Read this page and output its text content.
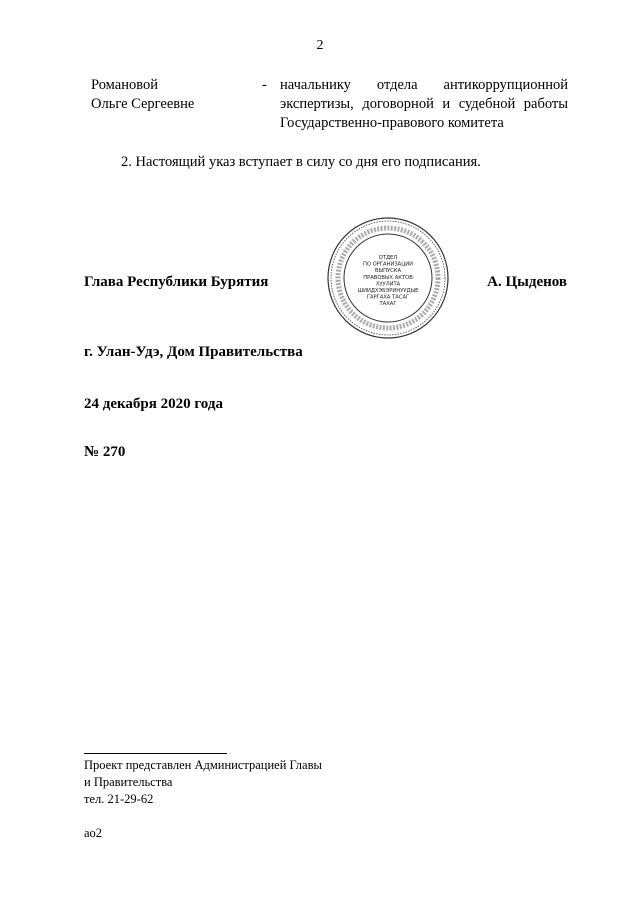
2
Романовой
Ольге Сергеевне
- начальнику отдела антикоррупционной
экспертизы, договорной и судебной работы
Государственно-правового комитета
2. Настоящий указ вступает в силу со дня его подписания.
Глава Республики Бурятия
ОТДЕЛ
ПО ОРГАНИЗАЦИИ
ВЫПУСКА
ПРАВОВЫХ АКТОВ
ХУУЛИТА
ШИИДХЭБЭРИНУУДЫЕ
ГАРГАХА ТАСАГ
ТАХАГ
А. Цыденов
г. Улан-Удэ, Дом Правительства
24 декабря 2020 года
№ 270
Проект представлен Администрацией Главы
и Правительства
тел. 21-29-62
ао2
